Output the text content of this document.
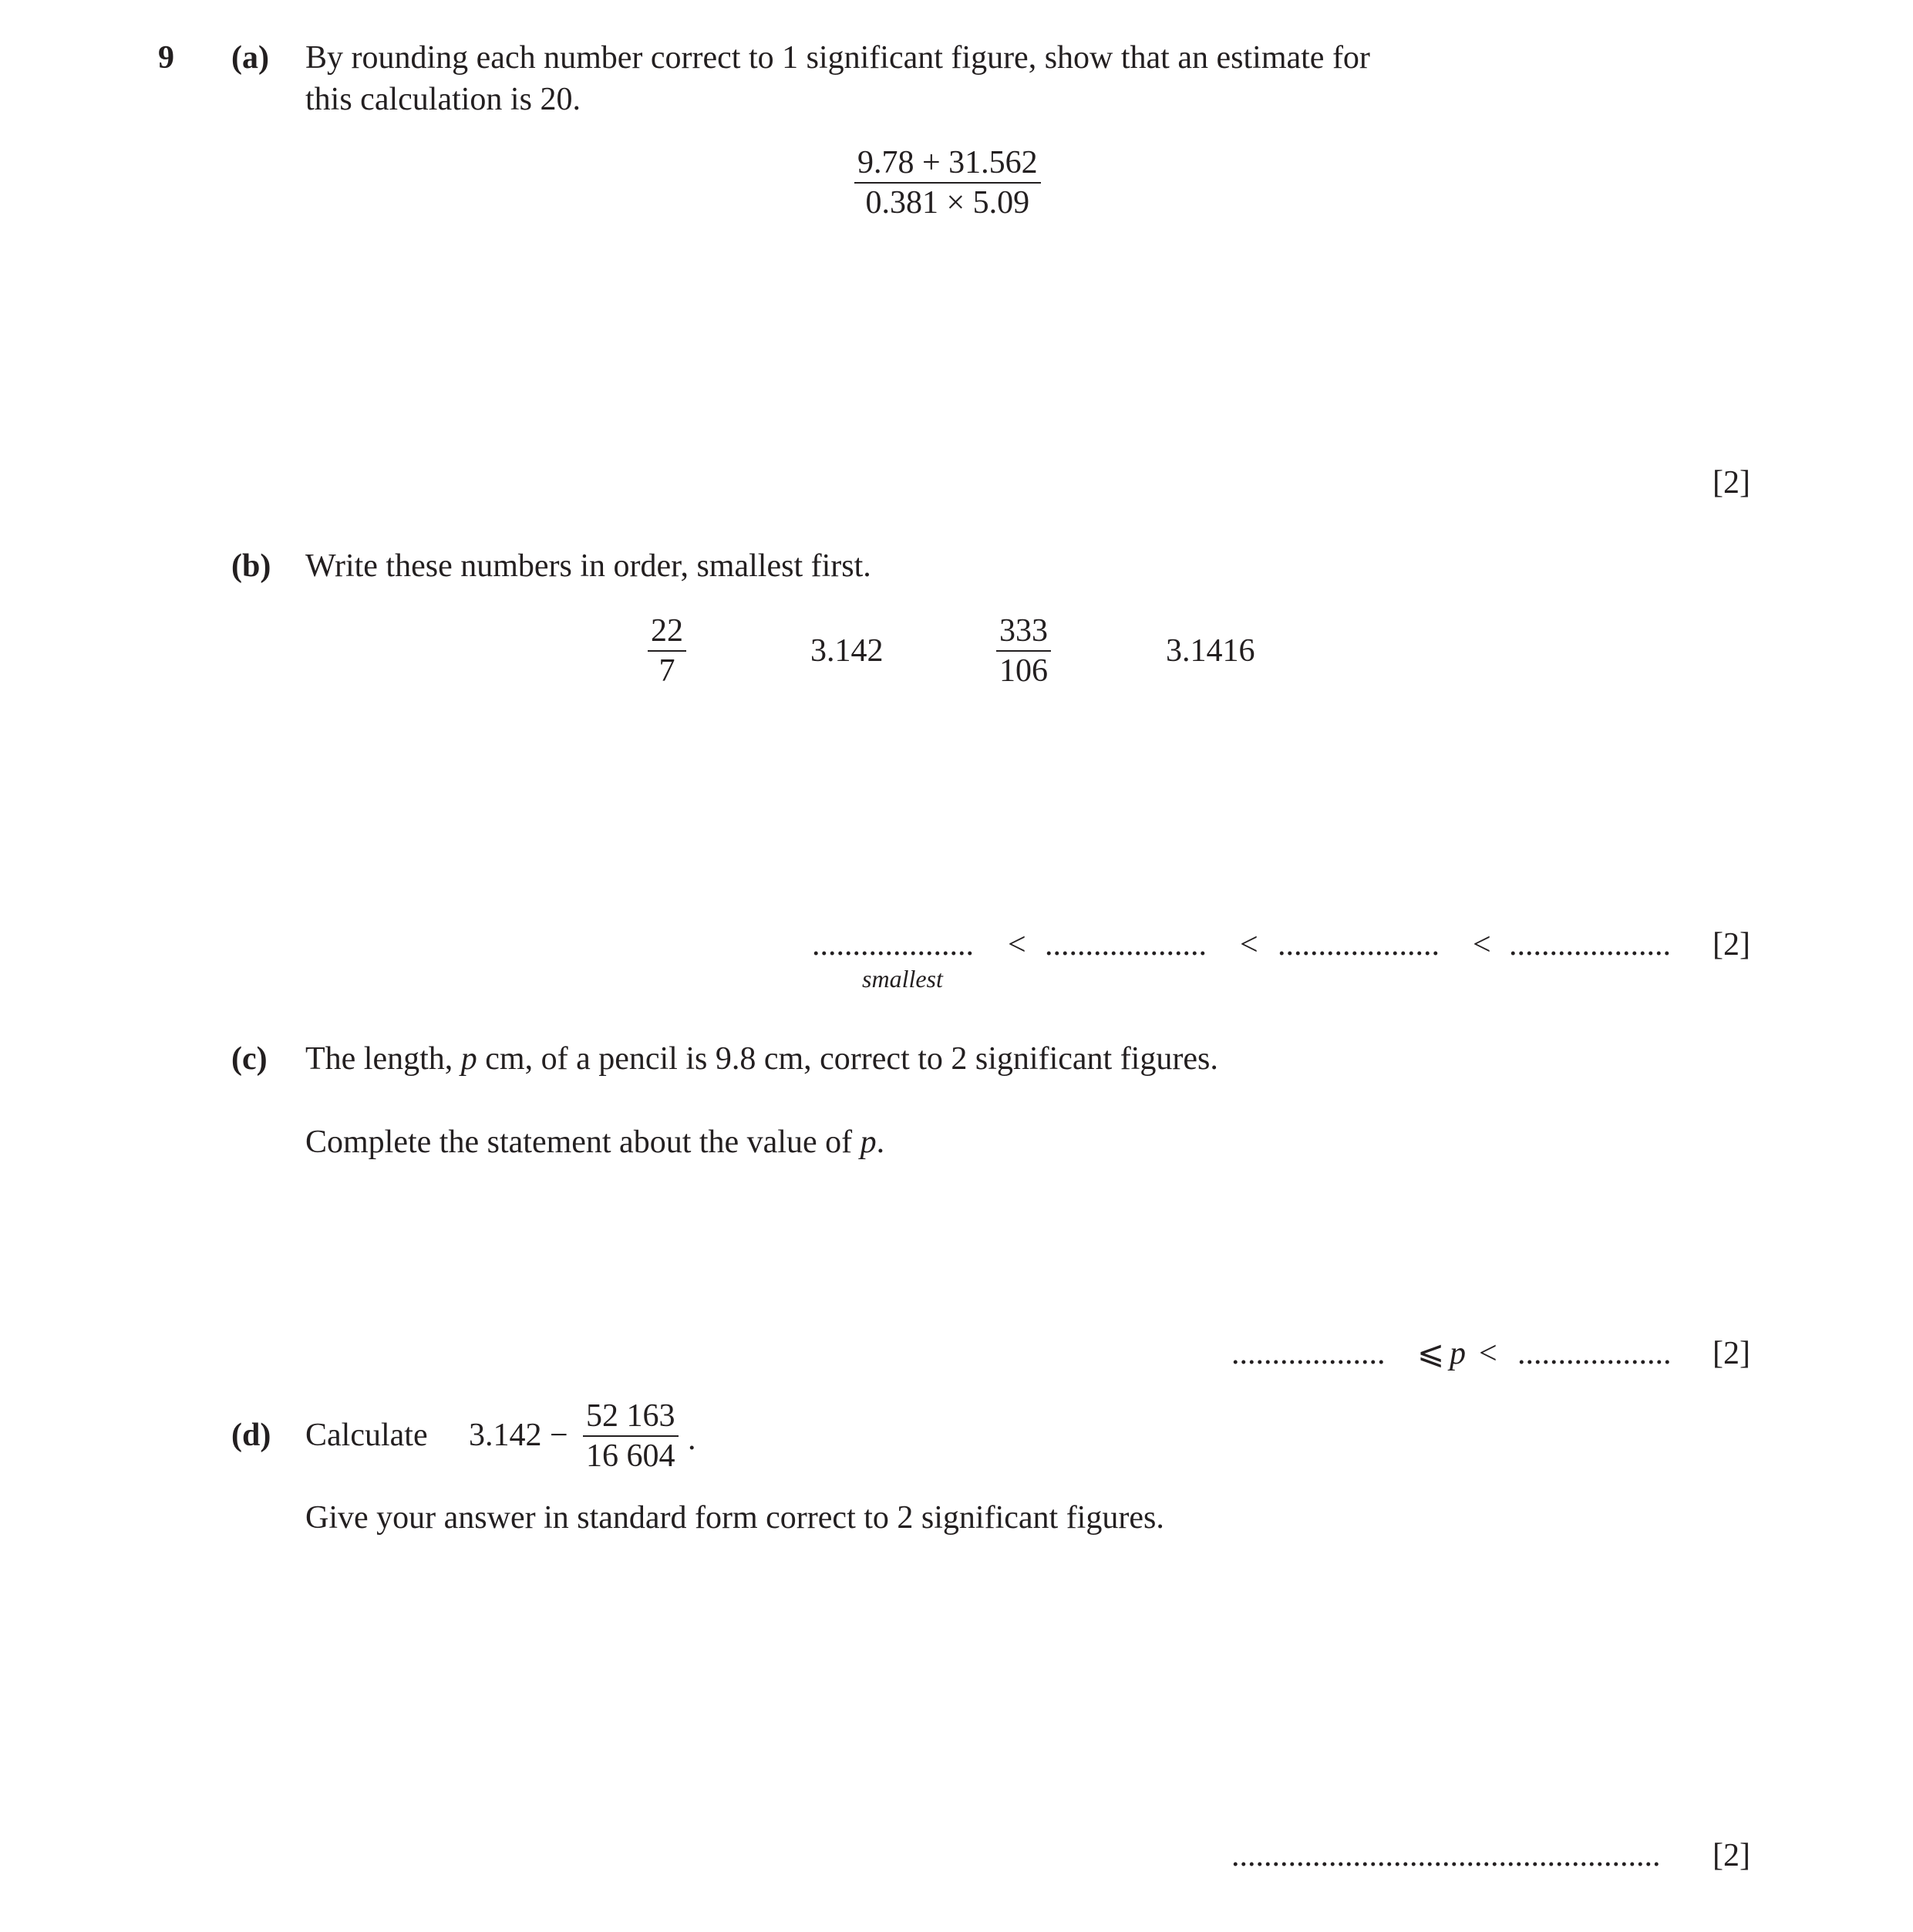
9 (a) By rounding each number correct to 1 significant figure, show that an estimate for
this calculation is 20.
$\frac{9.78 + 31.562}{0.381 \times 5.09}$
[2]
(b) Write these numbers in order, smallest first.
$\frac{22}{7}$	3.142	$\frac{333}{106}$	3.1416
.................... < .................... < .................... < .................... [2]
smallest
(c) The length, p cm, of a pencil is 9.8 cm, correct to 2 significant figures.
Complete the statement about the value of p.
................... ⩽ p < ................... [2]
(d) Calculate $3.142 - \frac{52 163}{16 604}$ .
Give your answer in standard form correct to 2 significant figures.
..................................................... [2]
